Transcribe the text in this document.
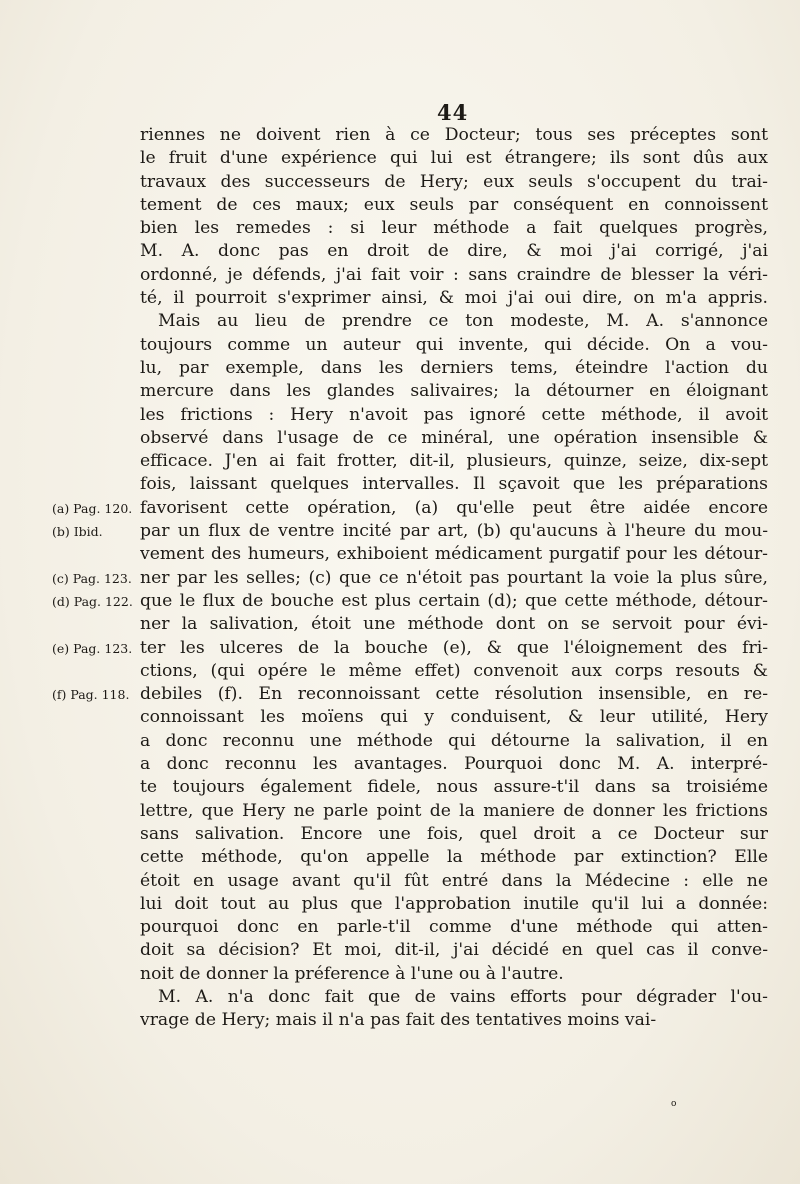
44
riennes ne doivent rien à ce Docteur; tous ses préceptes sont
le fruit d'une expérience qui lui est étrangere; ils sont dûs aux
travaux des successeurs de Hery; eux seuls s'occupent du trai-
tement de ces maux; eux seuls par conséquent en connoissent
bien les remedes : si leur méthode a fait quelques progrès,
M. A. donc pas en droit de dire, & moi j'ai corrigé, j'ai
ordonné, je défends, j'ai fait voir : sans craindre de blesser la véri-
té, il pourroit s'exprimer ainsi, & moi j'ai oui dire, on m'a appris.
Mais au lieu de prendre ce ton modeste, M. A. s'annonce
toujours comme un auteur qui invente, qui décide. On a vou-
lu, par exemple, dans les derniers tems, éteindre l'action du
mercure dans les glandes salivaires; la détourner en éloignant
les frictions : Hery n'avoit pas ignoré cette méthode, il avoit
observé dans l'usage de ce minéral, une opération insensible &
efficace. J'en ai fait frotter, dit-il, plusieurs, quinze, seize, dix-sept
fois, laissant quelques intervalles. Il sçavoit que les préparations
favorisent cette opération, (a) qu'elle peut être aidée encore
par un flux de ventre incité par art, (b) qu'aucuns à l'heure du mou-
vement des humeurs, exhiboient médicament purgatif pour les détour-
ner par les selles; (c) que ce n'étoit pas pourtant la voie la plus sûre,
que le flux de bouche est plus certain (d); que cette méthode, détour-
ner la salivation, étoit une méthode dont on se servoit pour évi-
ter les ulceres de la bouche (e), & que l'éloignement des fri-
ctions, (qui opére le même effet) convenoit aux corps resouts &
debiles (f). En reconnoissant cette résolution insensible, en re-
connoissant les moïens qui y conduisent, & leur utilité, Hery
a donc reconnu une méthode qui détourne la salivation, il en
a donc reconnu les avantages. Pourquoi donc M. A. interpré-
te toujours également fidele, nous assure-t'il dans sa troisiéme
lettre, que Hery ne parle point de la maniere de donner les frictions
sans salivation. Encore une fois, quel droit a ce Docteur sur
cette méthode, qu'on appelle la méthode par extinction? Elle
étoit en usage avant qu'il fût entré dans la Médecine : elle ne
lui doit tout au plus que l'approbation inutile qu'il lui a donnée:
pourquoi donc en parle-t'il comme d'une méthode qui atten-
doit sa décision? Et moi, dit-il, j'ai décidé en quel cas il conve-
noit de donner la préference à l'une ou à l'autre.
M. A. n'a donc fait que de vains efforts pour dégrader l'ou-
vrage de Hery; mais il n'a pas fait des tentatives moins vai-
(a) Pag. 120.
(b) Ibid.
(c) Pag. 123.
(d) Pag. 122.
(e) Pag. 123.
(f) Pag. 118.
o
